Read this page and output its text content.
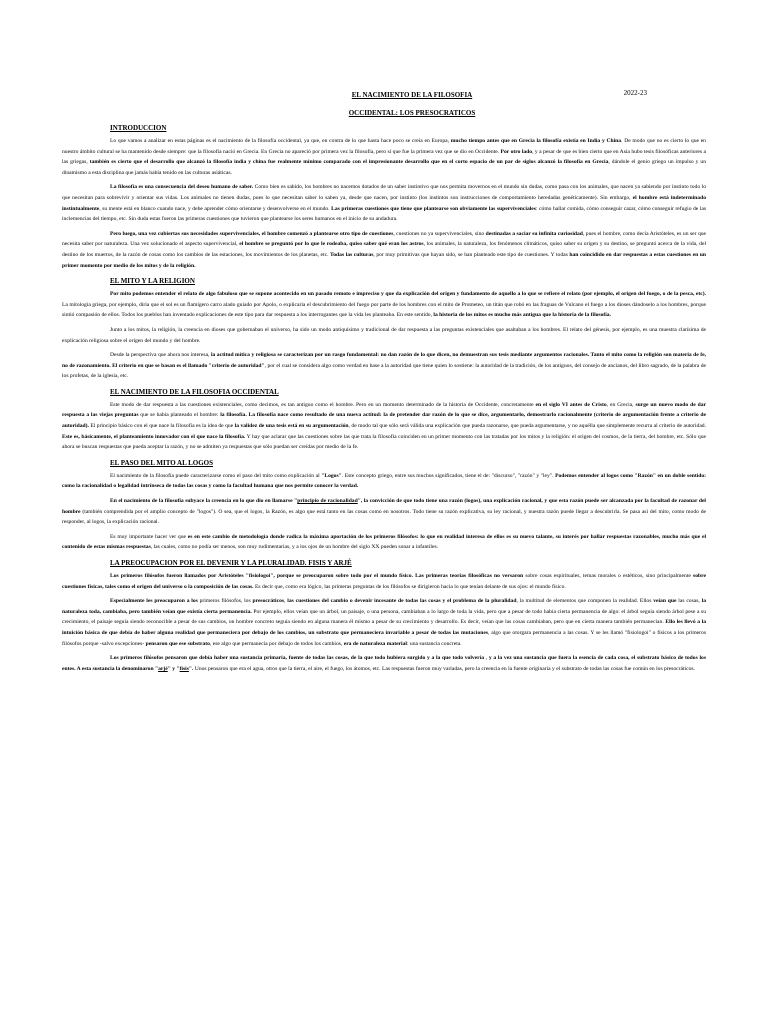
2022-23
EL NACIMIENTO DE LA FILOSOFIA
OCCIDENTAL: LOS PRESOCRATICOS
INTRODUCCION

Lo que vamos a analizar en estas páginas es el nacimiento de la filosofía occidental, ya que, en contra de lo que hasta hace poco se creía en Europa, mucho tiempo antes que en Grecia la filosofía existía en India y China. De modo que no es cierto lo que en nuestro ámbito cultural se ha mantenido desde siempre: que la filosofía nació en Grecia. En Grecia no apareció por primera vez la filosofía, pero sí que fue la primera vez que se dio en Occidente. Por otro lado, y a pesar de que es bien cierto que en Asia hubo tesis filosóficas anteriores a las griegas, también es cierto que el desarrollo que alcanzó la filosofía india y china fue realmente mínimo comparado con el impresionante desarrollo que en el corto espacio de un par de siglos alcanzó la filosofía en Grecia, dándole el genio griego un impulso y un dinamismo a esta disciplina que jamás había tenido en las culturas asiáticas.

La filosofía es una consecuencia del deseo humano de saber. Como bien es sabido, los hombres no nacemos dotados de un saber instintivo que nos permita movernos en el mundo sin dudas, como pasa con los animales, que nacen ya sabiendo por instinto todo lo que necesitan para sobrevivir y orientar sus vidas. Los animales no tienen dudas, pues lo que necesitan saber lo saben ya, desde que nacen, por instinto (los instintos son instrucciones de comportamiento heredadas genéticamente). Sin embargo, el hombre está indeterminado instintualmente, su mente está en blanco cuando nace, y debe aprender cómo orientarse y desenvolverse en el mundo. Las primeras cuestiones que tiene que plantearse son obviamente las supervivenciales: cómo hallar comida, cómo conseguir cazar, cómo conseguir refugio de las inclemencias del tiempo, etc. Sin duda estas fueron las primeras cuestiones que tuvieron que plantearse los seres humanos en el inicio de su andadura.

Pero luego, una vez cubiertas sus necesidades supervivenciales, el hombre comenzó a plantearse otro tipo de cuestiones, cuestiones no ya supervivenciales, sino destinadas a saciar su infinita curiosidad, pues el hombre, como decía Aristóteles, es un ser que necesita saber por naturaleza. Una vez solucionado el aspecto supervivencial, el hombre se preguntó por lo que le rodeaba, quiso saber qué eran los astros, los animales, la naturaleza, los fenómenos climáticos, quiso saber su origen y su destino, se preguntó acerca de la vida, del destino de los muertos, de la razón de cosas como los cambios de las estaciones, los movimientos de los planetas, etc. Todas las culturas, por muy primitivas que hayan sido, se han planteado este tipo de cuestiones. Y todas han coincidido en dar respuestas a estas cuestiones en un primer momento por medio de los mitos y de la religión.

EL MITO Y LA RELIGION

Por mito podemos entender el relato de algo fabuloso que se supone acontecido en un pasado remoto e impreciso y que da explicación del origen y fundamento de aquello a lo que se refiere el relato (por ejemplo, el origen del fuego, o de la pesca, etc). La mitología griega, por ejemplo, diría que el sol es un flamígero carro alado guiado por Apolo, o explicaría el descubrimiento del fuego por parte de los hombres con el mito de Prometeo, un titán que robó en las fraguas de Vulcano el fuego a los dioses dándoselo a los hombres, porque sintió compasión de ellos. Todos los pueblos han inventado explicaciones de este tipo para dar respuesta a los interrogantes que la vida les planteaba. En este sentido, la historia de los mitos es mucho más antigua que la historia de la filosofía.

Junto a los mitos, la religión, la creencia en dioses que gobernaban el universo, ha sido un modo antiquísimo y tradicional de dar respuesta a las preguntas existenciales que asaltaban a los hombres. El relato del génesis, por ejemplo, es una muestra clarísima de explicación religiosa sobre el origen del mundo y del hombre.

Desde la perspectiva que ahora nos interesa, la actitud mítica y religiosa se caracterizan por un rasgo fundamental: no dan razón de lo que dicen, no demuestran sus tesis mediante argumentos racionales. Tanto el mito como la religión son materia de fe, no de razonamiento. El criterio en que se basan es el llamado "criterio de autoridad", por el cual se considera algo como verdad en base a la autoridad que tiene quien lo sostiene: la autoridad de la tradición, de los antiguos, del consejo de ancianos, del libro sagrado, de la palabra de los profetas, de la iglesia, etc.

EL NACIMIENTO DE LA FILOSOFIA OCCIDENTAL

Este modo de dar respuesta a las cuestiones existenciales, como decimos, es tan antiguo como el hombre. Pero en un momento determinado de la historia de Occidente, concretamente en el siglo VI antes de Cristo, en Grecia, surge un nuevo modo de dar respuesta a las viejas preguntas que se había planteado el hombre: la filosofía. La filosofía nace como resultado de una nueva actitud: la de pretender dar razón de lo que se dice, argumentarlo, demostrarlo racionalmente (criterio de argumentación frente a criterio de autoridad). El principio básico con el que nace la filosofía es la idea de que la validez de una tesis está en su argumentación, de modo tal que sólo será válida una explicación que pueda razonarse, que pueda argumentarse, y no aquélla que simplemente recurra al criterio de autoridad. Este es, básicamente, el planteamiento innovador con el que nace la filosofía. Y hay que aclarar que las cuestiones sobre las que trata la filosofía coinciden en un primer momento con las tratadas por los mitos y la religión: el origen del cosmos, de la tierra, del hombre, etc. Sólo que ahora se buscan respuestas que pueda aceptar la razón, y no se admiten ya respuestas que sólo puedan ser creídas por medio de la fe.

EL PASO DEL MITO AL LOGOS

El nacimiento de la filosofía puede caracterizarse como el paso del mito como explicación al "Logos". Este concepto griego, entre sus muchos significados, tiene el de: "discurso", "razón" y "ley". Podemos entender al logos como "Razón" en un doble sentido: como la racionalidad o legalidad intrínseca de todas las cosas y como la facultad humana que nos permite conocer la verdad.

En el nacimiento de la filosofía subyace la creencia en lo que dio en llamarse "principio de racionalidad", la convicción de que todo tiene una razón (logos), una explicación racional, y que esta razón puede ser alcanzada por la facultad de razonar del hombre (también comprendida por el amplio concepto de "logos"). O sea, que el logos, la Razón, es algo que está tanto en las cosas como en nosotros. Todo tiene su razón explicativa, su ley racional, y nuestra razón puede llegar a descubrirla. Se pasa así del mito, como modo de responder, al logos, la explicación racional.

Es muy importante hacer ver que es en este cambio de metodología donde radica la máxima aportación de los primeros filósofos: lo que en realidad interesa de ellos es su nuevo talante, su interés por hallar respuestas razonables, mucho más que el contenido de estas mismas respuestas, las cuales, como no podía ser menos, son muy rudimentarias, y a los ojos de un hombre del siglo XX pueden sonar a infantiles.

LA PREOCUPACION POR EL DEVENIR Y LA PLURALIDAD. FISIS Y ARJÉ

Los primeros filósofos fueron llamados por Aristóteles "fisiologoi", porque se preocuparon sobre todo por el mundo físico. Las primeras teorías filosóficas no versaron sobre cosas espirituales, temas morales o estéticos, sino principalmente sobre cuestiones físicas, tales como el origen del universo o la composición de las cosas. Es decir que, como era lógico, las primeras preguntas de los filósofos se dirigieron hacia lo que tenían delante de sus ojos: el mundo físico.

Especialmente les preocuparon a los primeros filósofos, los presocráticos, las cuestiones del cambio o devenir incesante de todas las cosas y el problema de la pluralidad, la multitud de elementos que componen la realidad. Ellos veían que las cosas, la naturaleza toda, cambiaba, pero también veían que existía cierta permanencia. Por ejemplo, ellos veían que un árbol, un paisaje, o una persona, cambiaban a lo largo de toda la vida, pero que a pesar de todo había cierta permanencia de algo: el árbol seguía siendo árbol pese a su crecimiento, el paisaje seguía siendo reconocible a pesar de sus cambios, un hombre concreto seguía siendo en alguna manera él mismo a pesar de su crecimiento y desarrollo. Es decir, veían que las cosas cambiaban, pero que en cierta manera también permanecían. Ello les llevó a la intuición básica de que debía de haber alguna realidad que permaneciera por debajo de los cambios, un substrato que permaneciera invariable a pesar de todas las mutaciones, algo que otorgara permanencia a las cosas. Y se les llamó "fisiologoi" o físicos a los primeros filósofos porque -salvo excepciones- pensaron que ese substrato, ese algo que permanecía por debajo de todos los cambios, era de naturaleza material: una sustancia concreta.

Los primeros filósofos pensaron que debía haber una sustancia primaria, fuente de todas las cosas, de la que todo hubiera surgido y a la que todo volvería , y a la vez una sustancia que fuera la esencia de cada cosa, el substrato básico de todos los entes. A esta sustancia la denominaron "arjé" y "fisis". Unos pensaron que era el agua, otros que la tierra, el aire, el fuego, los átomos, etc. Las respuestas fueron muy variadas, pero la creencia en la fuente originaria y el substrato de todas las cosas fue común en los presocráticos.
